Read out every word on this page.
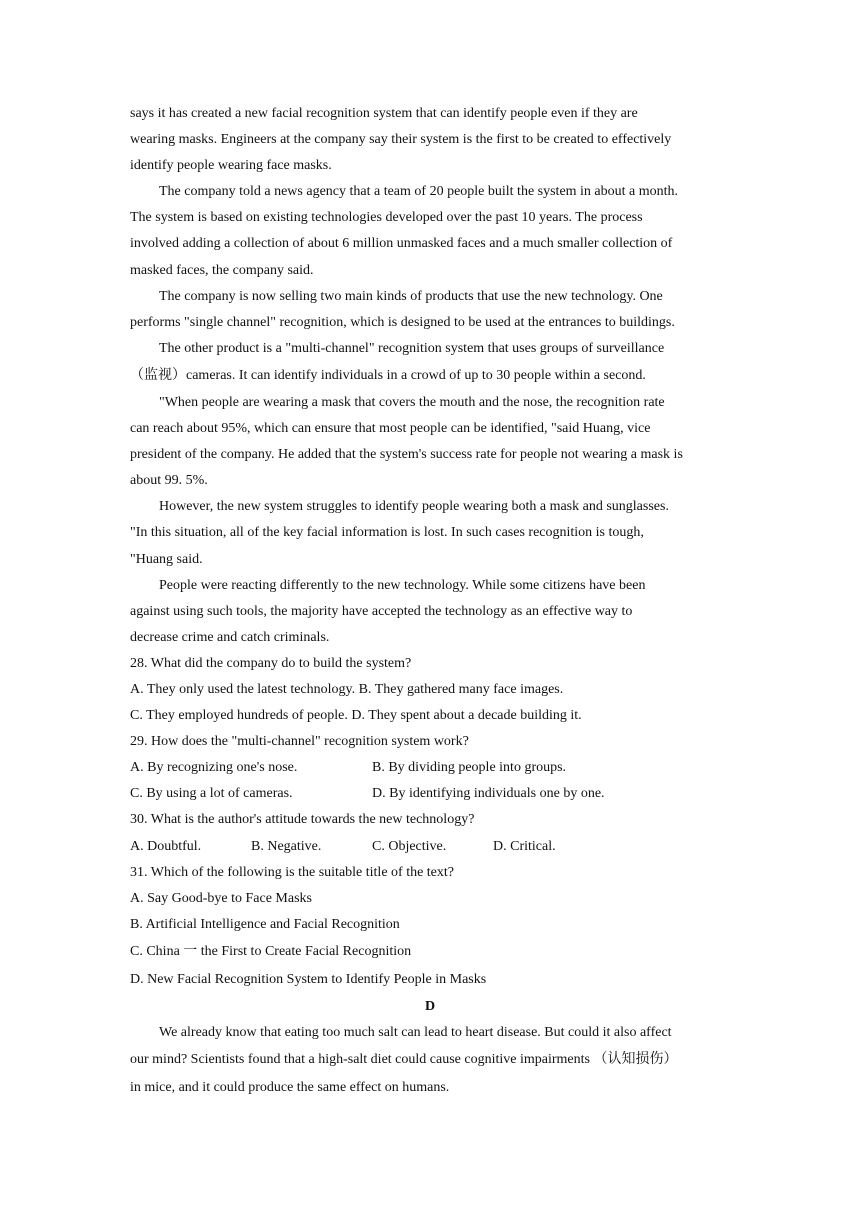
says it has created a new facial recognition system that can identify people even if they are
wearing masks. Engineers at the company say their system is the first to be created to effectively
identify people wearing face masks.
The company told a news agency that a team of 20 people built the system in about a month.
The system is based on existing technologies developed over the past 10 years. The process
involved adding a collection of about 6 million unmasked faces and a much smaller collection of
masked faces, the company said.
The company is now selling two main kinds of products that use the new technology. One
performs "single channel" recognition, which is designed to be used at the entrances to buildings.
The other product is a "multi-channel" recognition system that uses groups of surveillance
（监视）cameras. It can identify individuals in a crowd of up to 30 people within a second.
"When people are wearing a mask that covers the mouth and the nose, the recognition rate
can reach about 95%, which can ensure that most people can be identified, "said Huang, vice
president of the company. He added that the system's success rate for people not wearing a mask is
about 99. 5%.
However, the new system struggles to identify people wearing both a mask and sunglasses.
"In this situation, all of the key facial information is lost. In such cases recognition is tough,
"Huang said.
People were reacting differently to the new technology. While some citizens have been
against using such tools, the majority have accepted the technology as an effective way to
decrease crime and catch criminals.
28. What did the company do to build the system?
A. They only used the latest technology. B. They gathered many face images.
C. They employed hundreds of people. D. They spent about a decade building it.
29. How does the "multi-channel" recognition system work?
A. By recognizing one's nose.	B. By dividing people into groups.
C. By using a lot of cameras.	D. By identifying individuals one by one.
30. What is the author's attitude towards the new technology?
A. Doubtful.	B. Negative.	C. Objective.	D. Critical.
31. Which of the following is the suitable title of the text?
A. Say Good-bye to Face Masks
B. Artificial Intelligence and Facial Recognition
C. China 一 the First to Create Facial Recognition
D. New Facial Recognition System to Identify People in Masks
D
We already know that eating too much salt can lead to heart disease. But could it also affect
our mind? Scientists found that a high-salt diet could cause cognitive impairments （认知损伤）
in mice, and it could produce the same effect on humans.
